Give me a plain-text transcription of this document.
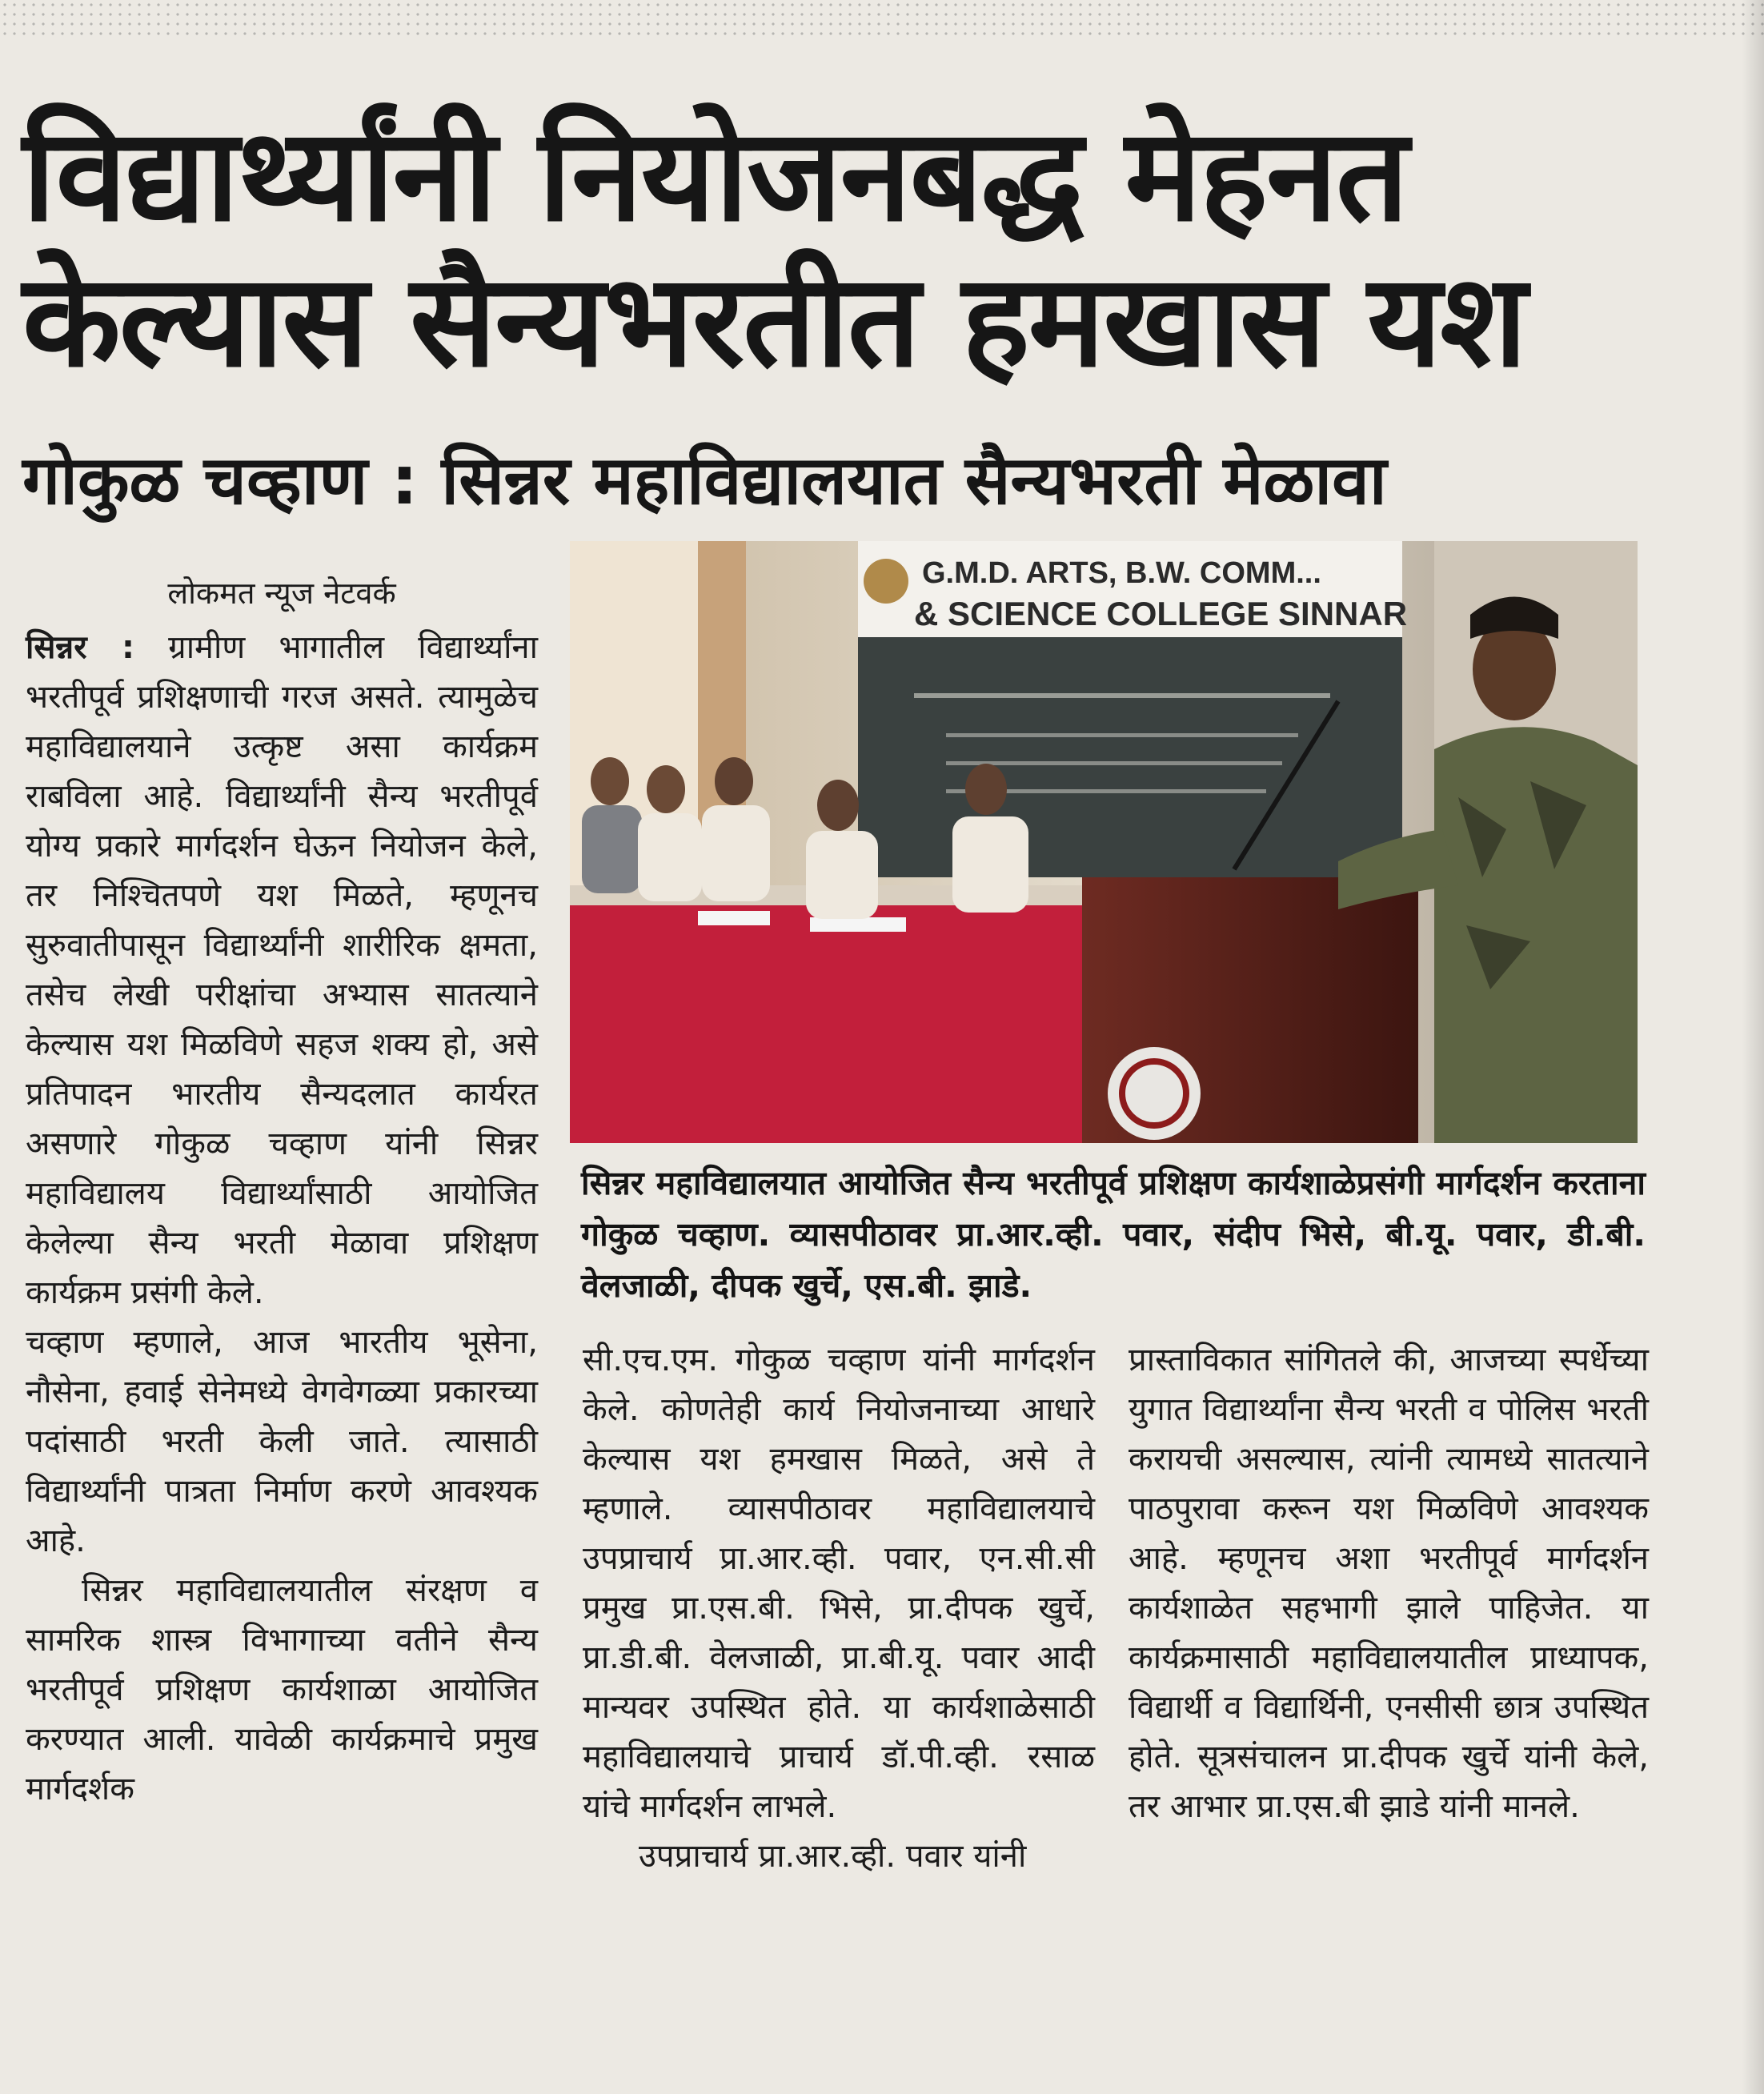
विद्यार्थ्यांनी नियोजनबद्ध मेहनत
केल्यास सैन्यभरतीत हमखास यश
गोकुळ चव्हाण : सिन्नर महाविद्यालयात सैन्यभरती मेळावा
लोकमत न्यूज नेटवर्क

सिन्नर : ग्रामीण भागातील विद्यार्थ्यांना भरतीपूर्व प्रशिक्षणाची गरज असते. त्यामुळेच महाविद्यालयाने उत्कृष्ट असा कार्यक्रम राबविला आहे. विद्यार्थ्यांनी सैन्य भरतीपूर्व योग्य प्रकारे मार्गदर्शन घेऊन नियोजन केले, तर निश्चितपणे यश मिळते, म्हणूनच सुरुवातीपासून विद्यार्थ्यांनी शारीरिक क्षमता, तसेच लेखी परीक्षांचा अभ्यास सातत्याने केल्यास यश मिळविणे सहज शक्य हो, असे प्रतिपादन भारतीय सैन्यदलात कार्यरत असणारे गोकुळ चव्हाण यांनी सिन्नर महाविद्यालय विद्यार्थ्यांसाठी आयोजित केलेल्या सैन्य भरती मेळावा प्रशिक्षण कार्यक्रम प्रसंगी केले.

चव्हाण म्हणाले, आज भारतीय भूसेना, नौसेना, हवाई सेनेमध्ये वेगवेगळ्या प्रकारच्या पदांसाठी भरती केली जाते. त्यासाठी विद्यार्थ्यांनी पात्रता निर्माण करणे आवश्यक आहे.

सिन्नर महाविद्यालयातील संरक्षण व सामरिक शास्त्र विभागाच्या वतीने सैन्य भरतीपूर्व प्रशिक्षण कार्यशाळा आयोजित करण्यात आली. यावेळी कार्यक्रमाचे प्रमुख मार्गदर्शक

G.M.D. ARTS, B.W. COMM...
& SCIENCE COLLEGE SINNAR
सिन्नर महाविद्यालयात आयोजित सैन्य भरतीपूर्व प्रशिक्षण कार्यशाळेप्रसंगी मार्गदर्शन करताना गोकुळ चव्हाण. व्यासपीठावर प्रा.आर.व्ही. पवार, संदीप भिसे, बी.यू. पवार, डी.बी. वेलजाळी, दीपक खुर्चे, एस.बी. झाडे.

सी.एच.एम. गोकुळ चव्हाण यांनी मार्गदर्शन केले. कोणतेही कार्य नियोजनाच्या आधारे केल्यास यश हमखास मिळते, असे ते म्हणाले. व्यासपीठावर महाविद्यालयाचे उपप्राचार्य प्रा.आर.व्ही. पवार, एन.सी.सी प्रमुख प्रा.एस.बी. भिसे, प्रा.दीपक खुर्चे, प्रा.डी.बी. वेलजाळी, प्रा.बी.यू. पवार आदी मान्यवर उपस्थित होते. या कार्यशाळेसाठी महाविद्यालयाचे प्राचार्य डॉ.पी.व्ही. रसाळ यांचे मार्गदर्शन लाभले.

उपप्राचार्य प्रा.आर.व्ही. पवार यांनी

प्रास्ताविकात सांगितले की, आजच्या स्पर्धेच्या युगात विद्यार्थ्यांना सैन्य भरती व पोलिस भरती करायची असल्यास, त्यांनी त्यामध्ये सातत्याने पाठपुरावा करून यश मिळविणे आवश्यक आहे. म्हणूनच अशा भरतीपूर्व मार्गदर्शन कार्यशाळेत सहभागी झाले पाहिजेत. या कार्यक्रमासाठी महाविद्यालयातील प्राध्यापक, विद्यार्थी व विद्यार्थिनी, एनसीसी छात्र उपस्थित होते. सूत्रसंचालन प्रा.दीपक खुर्चे यांनी केले, तर आभार प्रा.एस.बी झाडे यांनी मानले.
